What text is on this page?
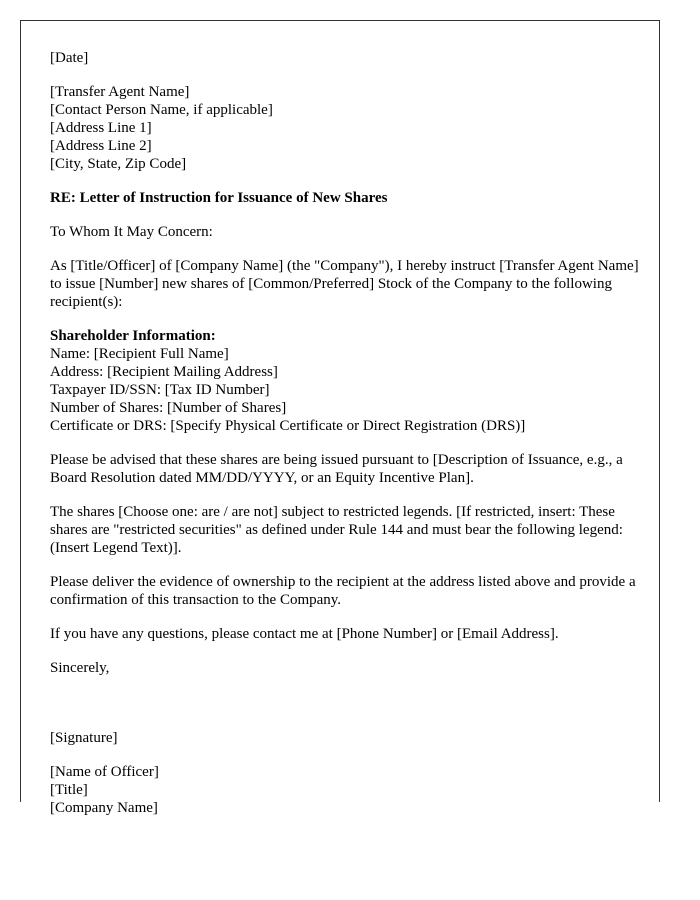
[Date]
[Transfer Agent Name]
[Contact Person Name, if applicable]
[Address Line 1]
[Address Line 2]
[City, State, Zip Code]
RE: Letter of Instruction for Issuance of New Shares
To Whom It May Concern:
As [Title/Officer] of [Company Name] (the "Company"), I hereby instruct [Transfer Agent Name] to issue [Number] new shares of [Common/Preferred] Stock of the Company to the following recipient(s):
Shareholder Information:
Name: [Recipient Full Name]
Address: [Recipient Mailing Address]
Taxpayer ID/SSN: [Tax ID Number]
Number of Shares: [Number of Shares]
Certificate or DRS: [Specify Physical Certificate or Direct Registration (DRS)]
Please be advised that these shares are being issued pursuant to [Description of Issuance, e.g., a Board Resolution dated MM/DD/YYYY, or an Equity Incentive Plan].
The shares [Choose one: are / are not] subject to restricted legends. [If restricted, insert: These shares are "restricted securities" as defined under Rule 144 and must bear the following legend: (Insert Legend Text)].
Please deliver the evidence of ownership to the recipient at the address listed above and provide a confirmation of this transaction to the Company.
If you have any questions, please contact me at [Phone Number] or [Email Address].
Sincerely,
[Signature]
[Name of Officer]
[Title]
[Company Name]
